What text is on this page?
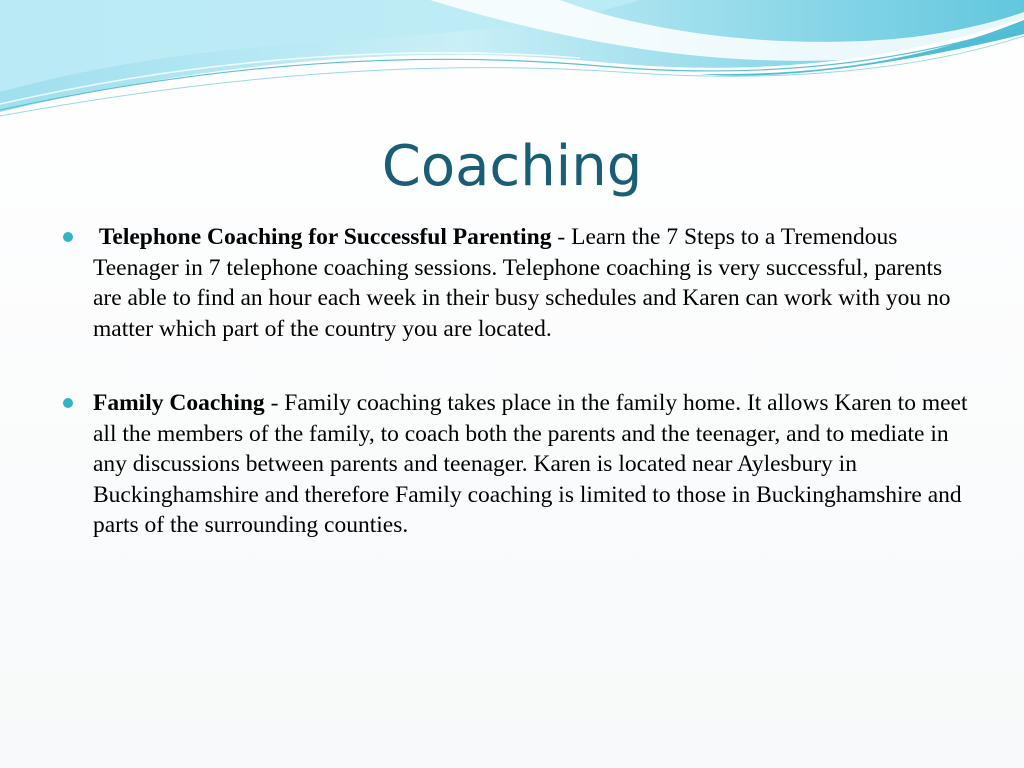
Coaching

Telephone Coaching for Successful Parenting - Learn the 7 Steps to a Tremendous Teenager in 7 telephone coaching sessions. Telephone coaching is very successful, parents are able to find an hour each week in their busy schedules and Karen can work with you no matter which part of the country you are located.

Family Coaching - Family coaching takes place in the family home. It allows Karen to meet all the members of the family, to coach both the parents and the teenager, and to mediate in any discussions between parents and teenager. Karen is located near Aylesbury in Buckinghamshire and therefore Family coaching is limited to those in Buckinghamshire and parts of the surrounding counties.
